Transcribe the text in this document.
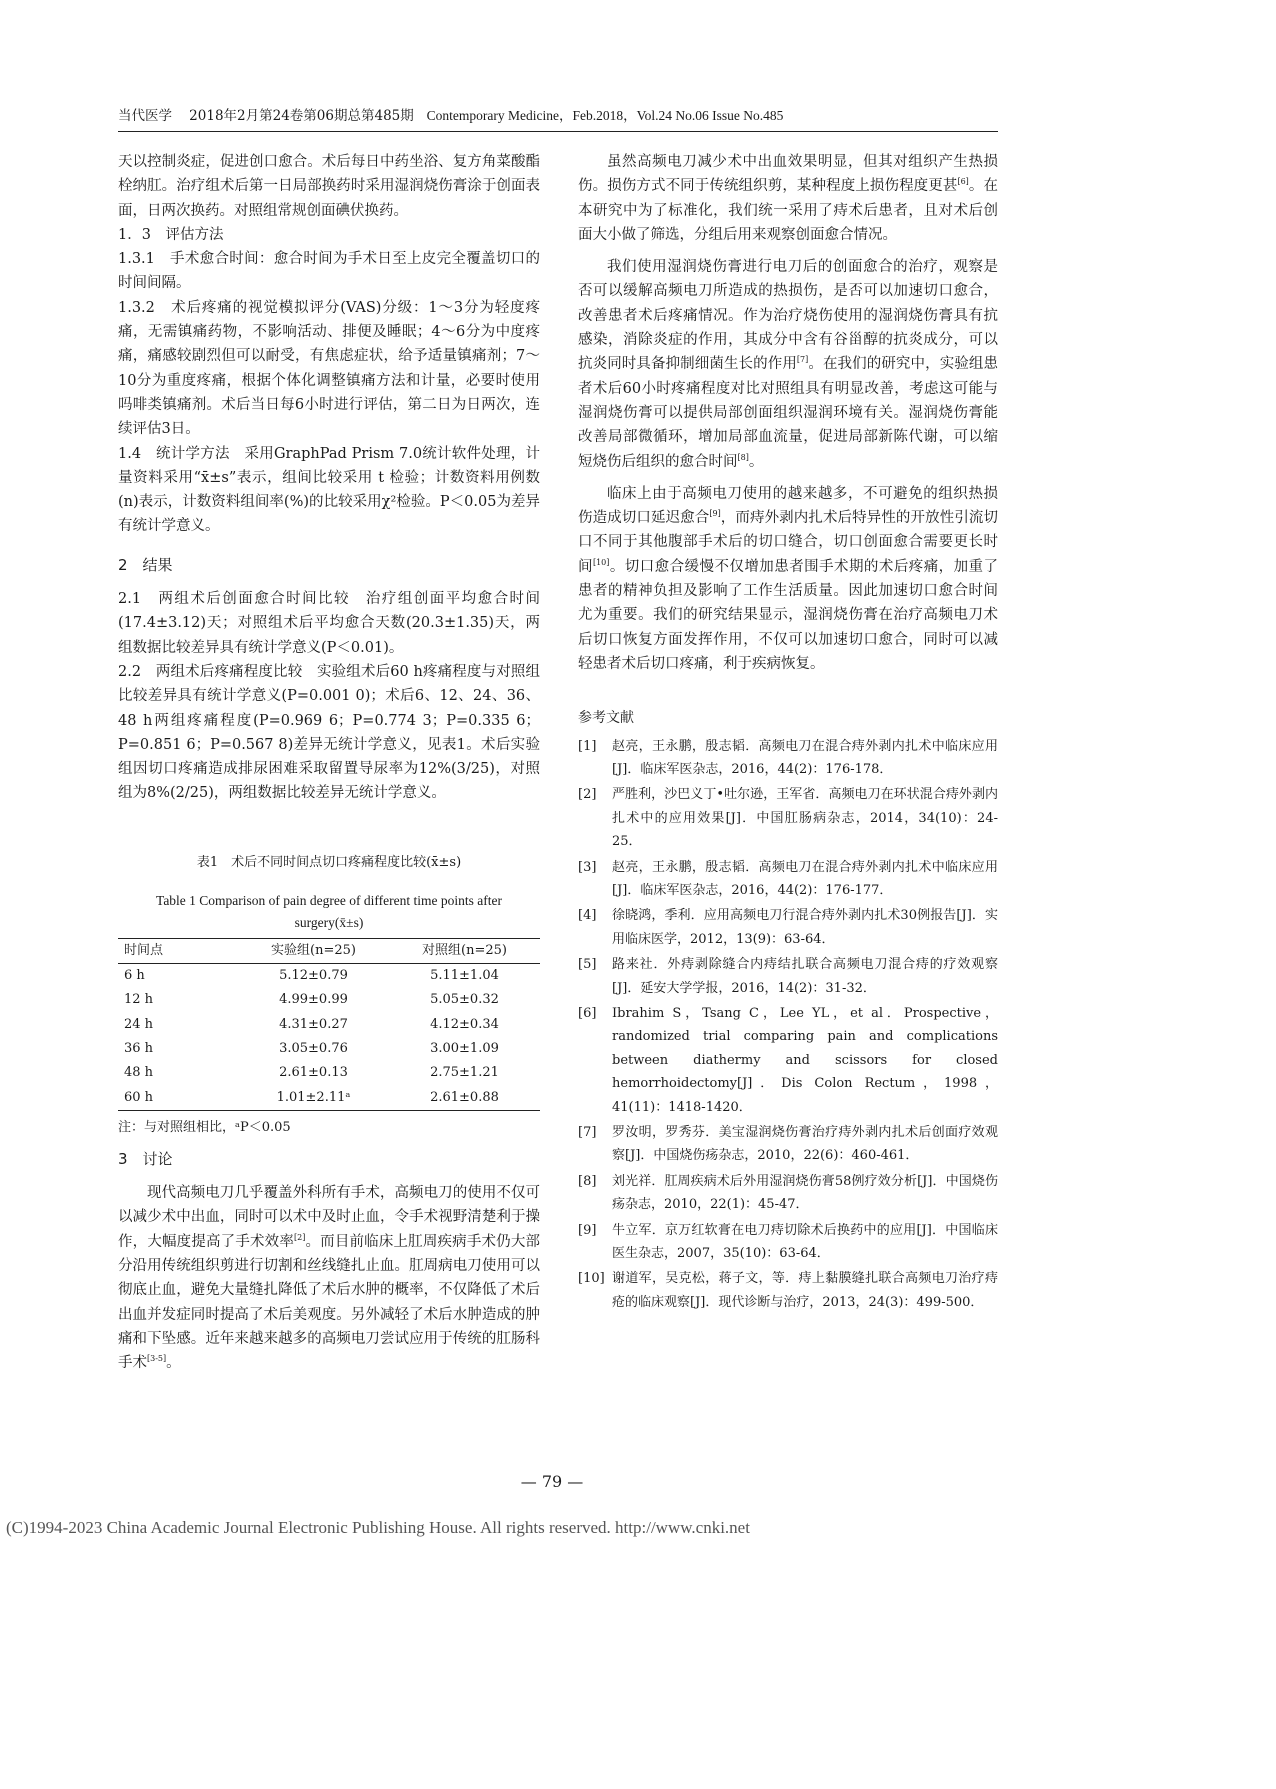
当代医学 2018年2月第24卷第06期总第485期 Contemporary Medicine，Feb.2018，Vol.24 No.06 Issue No.485

天以控制炎症，促进创口愈合。术后每日中药坐浴、复方角菜酸酯栓纳肛。治疗组术后第一日局部换药时采用湿润烧伤膏涂于创面表面，日两次换药。对照组常规创面碘伏换药。

1．3　评估方法

1.3.1　手术愈合时间：愈合时间为手术日至上皮完全覆盖切口的时间间隔。

1.3.2　术后疼痛的视觉模拟评分(VAS)分级：1～3分为轻度疼痛，无需镇痛药物，不影响活动、排便及睡眠；4～6分为中度疼痛，痛感较剧烈但可以耐受，有焦虑症状，给予适量镇痛剂；7～10分为重度疼痛，根据个体化调整镇痛方法和计量，必要时使用吗啡类镇痛剂。术后当日每6小时进行评估，第二日为日两次，连续评估3日。

1.4　统计学方法　采用GraphPad Prism 7.0统计软件处理，计量资料采用“x̄±s”表示，组间比较采用 t 检验；计数资料用例数(n)表示，计数资料组间率(%)的比较采用χ²检验。P＜0.05为差异有统计学意义。

2　结果

2.1　两组术后创面愈合时间比较　治疗组创面平均愈合时间(17.4±3.12)天；对照组术后平均愈合天数(20.3±1.35)天，两组数据比较差异具有统计学意义(P＜0.01)。

2.2　两组术后疼痛程度比较　实验组术后60 h疼痛程度与对照组比较差异具有统计学意义(P=0.001 0)；术后6、12、24、36、48 h两组疼痛程度(P=0.969 6；P=0.774 3；P=0.335 6；P=0.851 6；P=0.567 8)差异无统计学意义，见表1。术后实验组因切口疼痛造成排尿困难采取留置导尿率为12%(3/25)，对照组为8%(2/25)，两组数据比较差异无统计学意义。

表1　术后不同时间点切口疼痛程度比较(x̄±s)
Table 1 Comparison of pain degree of different time points after
surgery(x̄±s)
时间点	实验组(n=25)	对照组(n=25)
6 h	5.12±0.79	5.11±1.04
12 h	4.99±0.99	5.05±0.32
24 h	4.31±0.27	4.12±0.34
36 h	3.05±0.76	3.00±1.09
48 h	2.61±0.13	2.75±1.21
60 h	1.01±2.11ᵃ	2.61±0.88
注：与对照组相比，ᵃP＜0.05
3　讨论

现代高频电刀几乎覆盖外科所有手术，高频电刀的使用不仅可以减少术中出血，同时可以术中及时止血，令手术视野清楚利于操作，大幅度提高了手术效率[2]。而目前临床上肛周疾病手术仍大部分沿用传统组织剪进行切割和丝线缝扎止血。肛周病电刀使用可以彻底止血，避免大量缝扎降低了术后水肿的概率，不仅降低了术后出血并发症同时提高了术后美观度。另外减轻了术后水肿造成的肿痛和下坠感。近年来越来越多的高频电刀尝试应用于传统的肛肠科手术[3-5]。

虽然高频电刀减少术中出血效果明显，但其对组织产生热损伤。损伤方式不同于传统组织剪，某种程度上损伤程度更甚[6]。在本研究中为了标准化，我们统一采用了痔术后患者，且对术后创面大小做了筛选，分组后用来观察创面愈合情况。

我们使用湿润烧伤膏进行电刀后的创面愈合的治疗，观察是否可以缓解高频电刀所造成的热损伤，是否可以加速切口愈合，改善患者术后疼痛情况。作为治疗烧伤使用的湿润烧伤膏具有抗感染，消除炎症的作用，其成分中含有谷甾醇的抗炎成分，可以抗炎同时具备抑制细菌生长的作用[7]。在我们的研究中，实验组患者术后60小时疼痛程度对比对照组具有明显改善，考虑这可能与湿润烧伤膏可以提供局部创面组织湿润环境有关。湿润烧伤膏能改善局部微循环，增加局部血流量，促进局部新陈代谢，可以缩短烧伤后组织的愈合时间[8]。

临床上由于高频电刀使用的越来越多，不可避免的组织热损伤造成切口延迟愈合[9]，而痔外剥内扎术后特异性的开放性引流切口不同于其他腹部手术后的切口缝合，切口创面愈合需要更长时间[10]。切口愈合缓慢不仅增加患者围手术期的术后疼痛，加重了患者的精神负担及影响了工作生活质量。因此加速切口愈合时间尤为重要。我们的研究结果显示，湿润烧伤膏在治疗高频电刀术后切口恢复方面发挥作用，不仅可以加速切口愈合，同时可以减轻患者术后切口疼痛，利于疾病恢复。

参考文献
[1]	赵亮，王永鹏，殷志韬．高频电刀在混合痔外剥内扎术中临床应用[J]．临床军医杂志，2016，44(2)：176-178．
[2]	严胜利，沙巴义丁•吐尔逊，王军省．高频电刀在环状混合痔外剥内扎术中的应用效果[J]．中国肛肠病杂志，2014，34(10)：24-25．
[3]	赵亮，王永鹏，殷志韬．高频电刀在混合痔外剥内扎术中临床应用[J]．临床军医杂志，2016，44(2)：176-177．
[4]	徐晓鸿，季利．应用高频电刀行混合痔外剥内扎术30例报告[J]．实用临床医学，2012，13(9)：63-64．
[5]	路来社．外痔剥除缝合内痔结扎联合高频电刀混合痔的疗效观察[J]．延安大学学报，2016，14(2)：31-32．
[6]	Ibrahim S，Tsang C，Lee YL，et al．Prospective，randomized trial comparing pain and complications between diathermy and scissors for closed hemorrhoidectomy[J]．Dis Colon Rectum，1998，41(11)：1418-1420．
[7]	罗汝明，罗秀芬．美宝湿润烧伤膏治疗痔外剥内扎术后创面疗效观察[J]．中国烧伤疡杂志，2010，22(6)：460-461．
[8]	刘光祥．肛周疾病术后外用湿润烧伤膏58例疗效分析[J]．中国烧伤疡杂志，2010，22(1)：45-47．
[9]	牛立军．京万红软膏在电刀痔切除术后换药中的应用[J]．中国临床医生杂志，2007，35(10)：63-64．
[10] 谢道军，吴克松，蒋子文，等．痔上黏膜缝扎联合高频电刀治疗痔疮的临床观察[J]．现代诊断与治疗，2013，24(3)：499-500．
— 79 —
(C)1994-2023 China Academic Journal Electronic Publishing House. All rights reserved. http://www.cnki.net
